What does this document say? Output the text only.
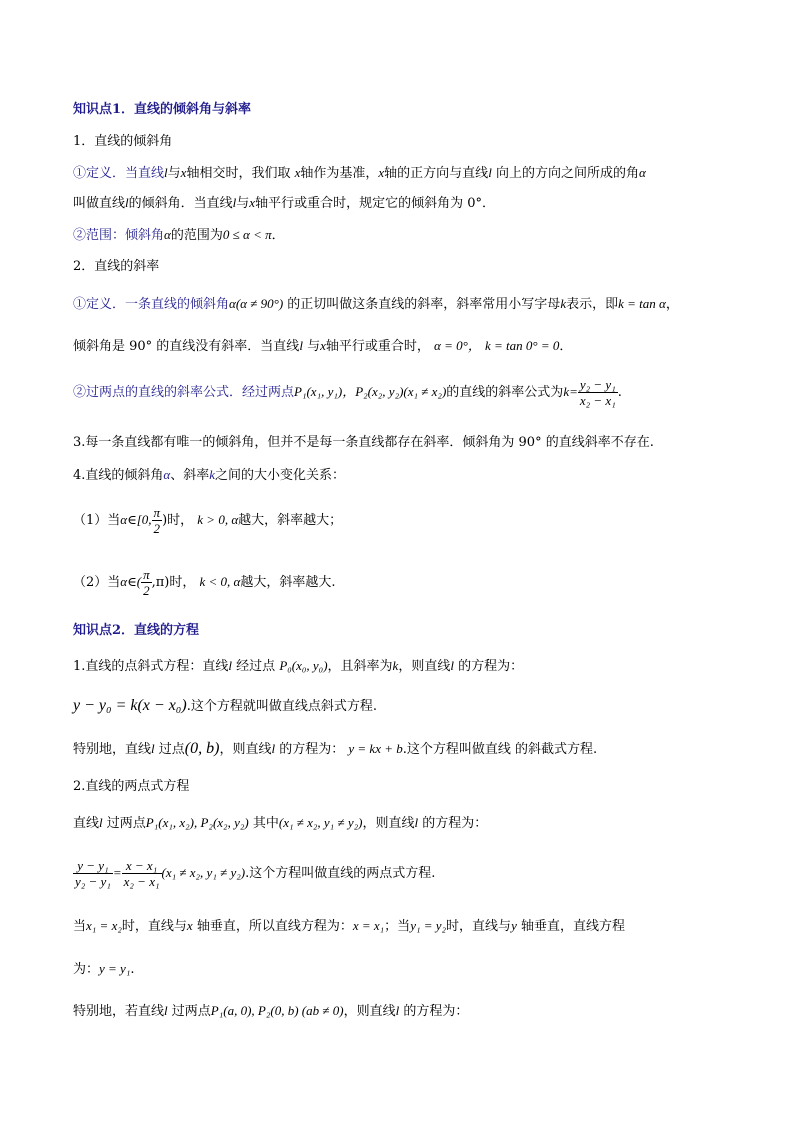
知识点1．直线的倾斜角与斜率
1．直线的倾斜角
①定义．当直线l与x轴相交时，我们取 x轴作为基准，x轴的正方向与直线l 向上的方向之间所成的角α
叫做直线l的倾斜角．当直线l与x轴平行或重合时，规定它的倾斜角为 0°．
②范围：倾斜角α的范围为0 ≤ α < π．
2．直线的斜率
①定义．一条直线的倾斜角α(α ≠ 90°) 的正切叫做这条直线的斜率，斜率常用小写字母k表示，即k = tan α，
倾斜角是 90° 的直线没有斜率．当直线l 与x轴平行或重合时， α = 0°， k = tan 0° = 0．
②过两点的直线的斜率公式．经过两点P₁(x₁, y₁)，P₂(x₂, y₂)(x₁ ≠ x₂)的直线的斜率公式为$k= \frac{\text{y₂ − y₁}}{\text{x₂ − x₁}}$ .
3.每一条直线都有唯一的倾斜角，但并不是每一条直线都存在斜率．倾斜角为 90° 的直线斜率不存在.
4.直线的倾斜角α、斜率k之间的大小变化关系：
（1）当α∈[0, $\frac{\pi}{2}$ )时， k > 0, α越大，斜率越大；
（2）当α∈( $\frac{\pi}{2} ,\pi$)时， k < 0, α越大，斜率越大.
知识点2．直线的方程
1.直线的点斜式方程：直线l 经过点 P₀(x₀, y₀)，且斜率为k，则直线l 的方程为：
y − y₀ = k(x − x₀).这个方程就叫做直线点斜式方程.
特别地，直线l 过点(0, b)，则直线l 的方程为： y = kx + b.这个方程叫做直线 的斜截式方程.
2.直线的两点式方程
直线l 过两点P₁(x₁, x₂), P₂(x₂, y₂) 其中(x₁ ≠ x₂, y₁ ≠ y₂)，则直线l 的方程为：
$\frac{\text{y − y₁}}{\text{y₂ − y₁}} = \frac{\text{x − x₁}}{\text{x₂ − x₁}} (x_1 \ne x_2$, y₁ ≠ y₂).这个方程叫做直线的两点式方程.
当x₁ = x₂时，直线与x 轴垂直，所以直线方程为：x = x₁；当y₁ = y₂时，直线与y 轴垂直，直线方程
为：y = y₁.
特别地，若直线l 过两点P₁(a, 0), P₂(0, b) (ab ≠ 0)，则直线l 的方程为：
